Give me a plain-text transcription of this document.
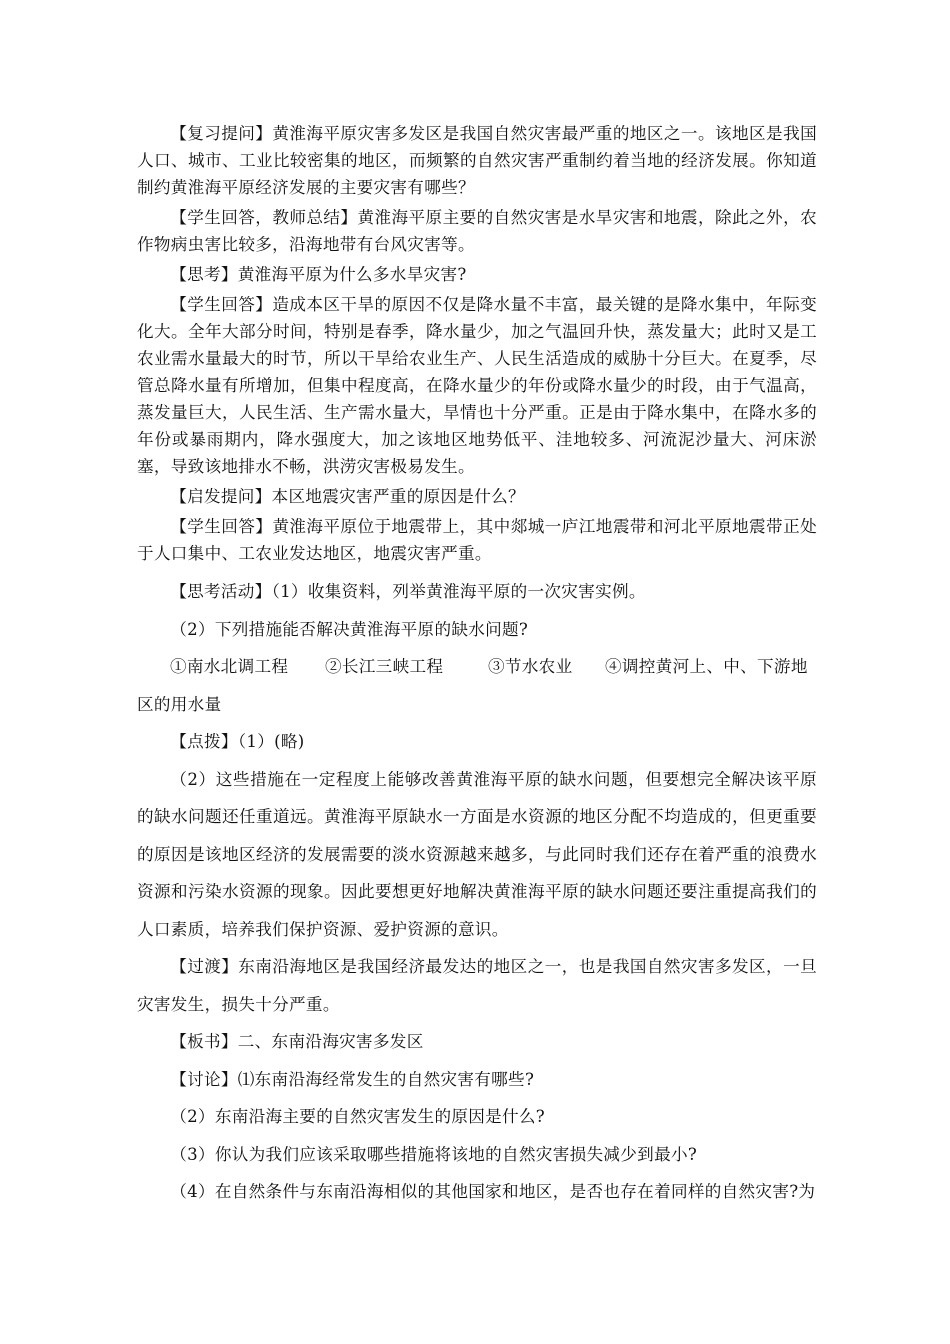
【复习提问】黄淮海平原灾害多发区是我国自然灾害最严重的地区之一。该地区是我国人口、城市、工业比较密集的地区，而频繁的自然灾害严重制约着当地的经济发展。你知道制约黄淮海平原经济发展的主要灾害有哪些？

【学生回答，教师总结】黄淮海平原主要的自然灾害是水旱灾害和地震，除此之外，农作物病虫害比较多，沿海地带有台风灾害等。

【思考】黄淮海平原为什么多水旱灾害?

【学生回答】造成本区干旱的原因不仅是降水量不丰富，最关键的是降水集中，年际变化大。全年大部分时间，特别是春季，降水量少，加之气温回升快，蒸发量大；此时又是工农业需水量最大的时节，所以干旱给农业生产、人民生活造成的威胁十分巨大。在夏季，尽管总降水量有所增加，但集中程度高，在降水量少的年份或降水量少的时段，由于气温高，蒸发量巨大，人民生活、生产需水量大，旱情也十分严重。正是由于降水集中，在降水多的年份或暴雨期内，降水强度大，加之该地区地势低平、洼地较多、河流泥沙量大、河床淤塞，导致该地排水不畅，洪涝灾害极易发生。

【启发提问】本区地震灾害严重的原因是什么？

【学生回答】黄淮海平原位于地震带上，其中郯城一庐江地震带和河北平原地震带正处于人口集中、工农业发达地区，地震灾害严重。

【思考活动】（1）收集资料，列举黄淮海平原的一次灾害实例。

（2）下列措施能否解决黄淮海平原的缺水问题?

①南水北调工程	②长江三峡工程	③节水农业	④调控黄河上、中、下游地

区的用水量

【点拨】（1）(略)

（2）这些措施在一定程度上能够改善黄淮海平原的缺水问题，但要想完全解决该平原的缺水问题还任重道远。黄淮海平原缺水一方面是水资源的地区分配不均造成的，但更重要的原因是该地区经济的发展需要的淡水资源越来越多，与此同时我们还存在着严重的浪费水资源和污染水资源的现象。因此要想更好地解决黄淮海平原的缺水问题还要注重提高我们的人口素质，培养我们保护资源、爱护资源的意识。

【过渡】东南沿海地区是我国经济最发达的地区之一，也是我国自然灾害多发区，一旦灾害发生，损失十分严重。

【板书】二、东南沿海灾害多发区

【讨论】⑴东南沿海经常发生的自然灾害有哪些?

（2）东南沿海主要的自然灾害发生的原因是什么?

（3）你认为我们应该采取哪些措施将该地的自然灾害损失减少到最小?

（4）在自然条件与东南沿海相似的其他国家和地区，是否也存在着同样的自然灾害?为
